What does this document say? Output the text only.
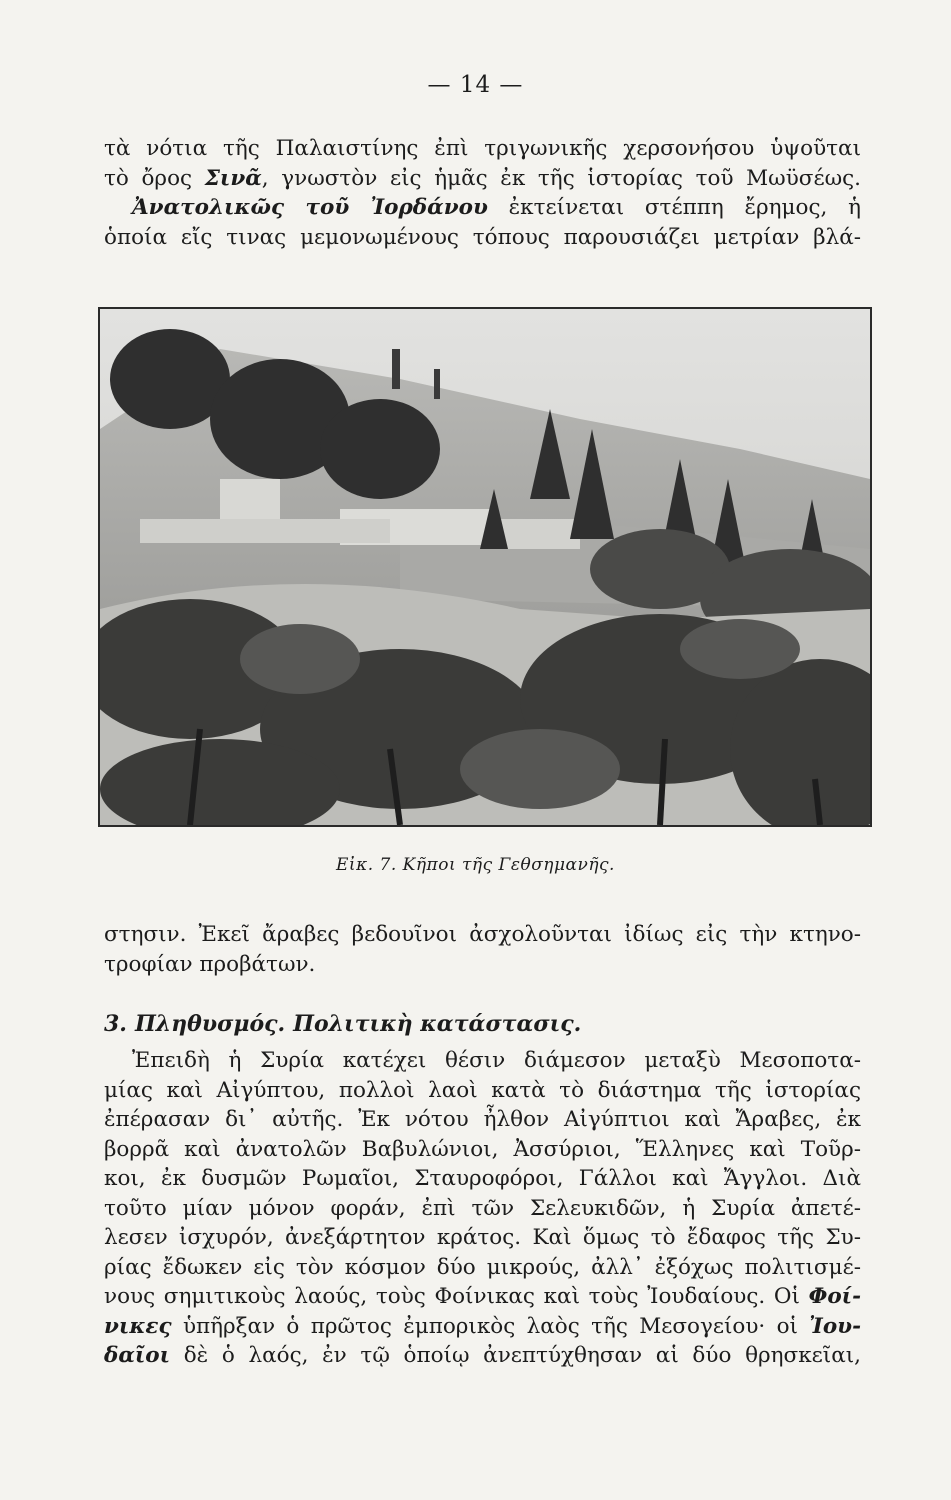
— 14 —
τὰ νότια τῆς Παλαιστίνης ἐπὶ τριγωνικῆς χερσονήσου ὑψοῦται
τὸ ὄρος Σινᾶ, γνωστὸν εἰς ἡμᾶς ἐκ τῆς ἱστορίας τοῦ Μωϋσέως.
Ἀνατολικῶς τοῦ Ἰορδάνου ἐκτείνεται στέππη ἔρημος, ἡ
ὁποία εἴς τινας μεμονωμένους τόπους παρουσιάζει μετρίαν βλά-
Εἰκ. 7. Κῆποι τῆς Γεθσημανῆς.
στησιν. Ἐκεῖ ἄραβες βεδουῖνοι ἀσχολοῦνται ἰδίως εἰς τὴν κτηνο-
τροφίαν προβάτων.
3. Πληθυσμός. Πολιτικὴ κατάστασις.
Ἐπειδὴ ἡ Συρία κατέχει θέσιν διάμεσον μεταξὺ Μεσοποτα-
μίας καὶ Αἰγύπτου, πολλοὶ λαοὶ κατὰ τὸ διάστημα τῆς ἱστορίας
ἐπέρασαν δι᾽ αὐτῆς. Ἐκ νότου ἦλθον Αἰγύπτιοι καὶ Ἄραβες, ἐκ
βορρᾶ καὶ ἀνατολῶν Βαβυλώνιοι, Ἀσσύριοι, Ἕλληνες καὶ Τοῦρ-
κοι, ἐκ δυσμῶν Ρωμαῖοι, Σταυροφόροι, Γάλλοι καὶ Ἄγγλοι. Διὰ
τοῦτο μίαν μόνον φοράν, ἐπὶ τῶν Σελευκιδῶν, ἡ Συρία ἀπετέ-
λεσεν ἰσχυρόν, ἀνεξάρτητον κράτος. Καὶ ὅμως τὸ ἔδαφος τῆς Συ-
ρίας ἔδωκεν εἰς τὸν κόσμον δύο μικρούς, ἀλλ᾽ ἐξόχως πολιτισμέ-
νους σημιτικοὺς λαούς, τοὺς Φοίνικας καὶ τοὺς Ἰουδαίους. Οἱ Φοί-
νικες ὑπῆρξαν ὁ πρῶτος ἐμπορικὸς λαὸς τῆς Μεσογείου· οἱ Ἰου-
δαῖοι δὲ ὁ λαός, ἐν τῷ ὁποίῳ ἀνεπτύχθησαν αἱ δύο θρησκεῖαι,
